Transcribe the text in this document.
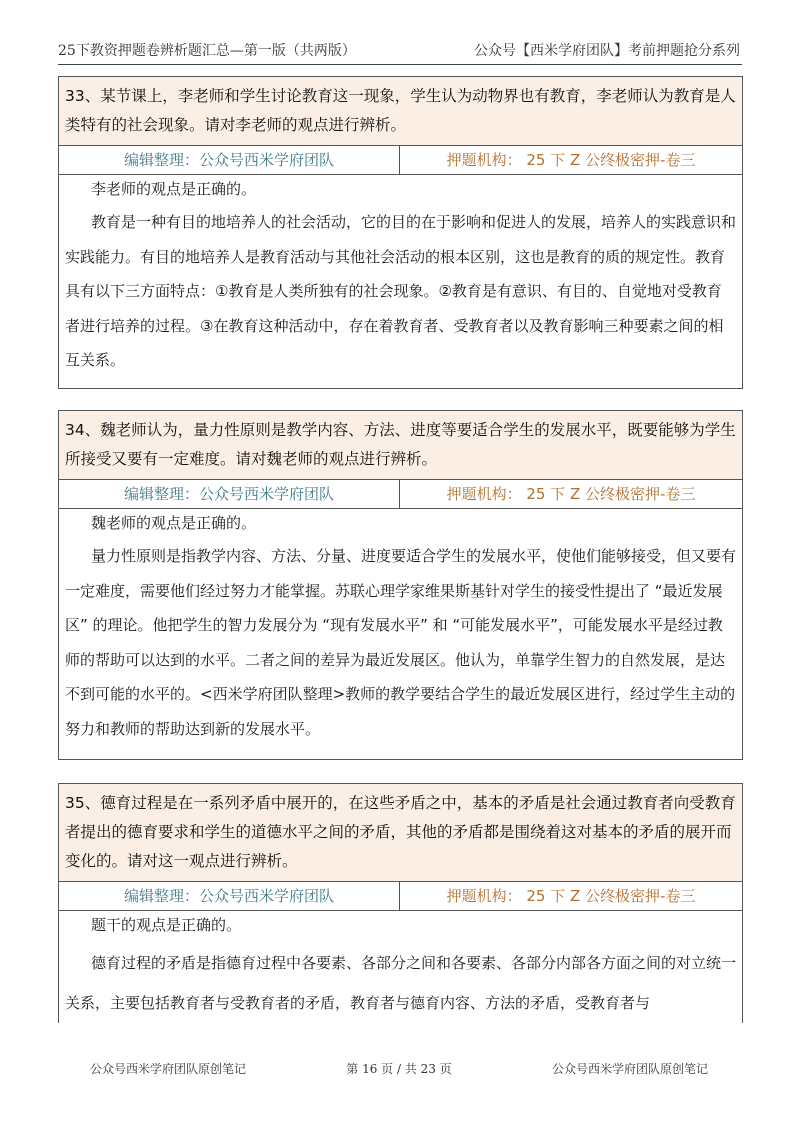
25下教资押题卷辨析题汇总—第一版（共两版）	公众号【西米学府团队】考前押题抢分系列
33、某节课上，李老师和学生讨论教育这一现象，学生认为动物界也有教育，李老师认为教育是人类特有的社会现象。请对李老师的观点进行辨析。
编辑整理：公众号西米学府团队	押题机构： 25 下 Z 公终极密押-卷三

李老师的观点是正确的。

教育是一种有目的地培养人的社会活动，它的目的在于影响和促进人的发展，培养人的实践意识和实践能力。有目的地培养人是教育活动与其他社会活动的根本区别，这也是教育的质的规定性。教育具有以下三方面特点：①教育是人类所独有的社会现象。②教育是有意识、有目的、自觉地对受教育者进行培养的过程。③在教育这种活动中，存在着教育者、受教育者以及教育影响三种要素之间的相互关系。

34、魏老师认为，量力性原则是教学内容、方法、进度等要适合学生的发展水平，既要能够为学生所接受又要有一定难度。请对魏老师的观点进行辨析。
编辑整理：公众号西米学府团队	押题机构： 25 下 Z 公终极密押-卷三

魏老师的观点是正确的。

量力性原则是指教学内容、方法、分量、进度要适合学生的发展水平，使他们能够接受，但又要有一定难度，需要他们经过努力才能掌握。苏联心理学家维果斯基针对学生的接受性提出了 “最近发展区” 的理论。他把学生的智力发展分为 “现有发展水平” 和 “可能发展水平”，可能发展水平是经过教师的帮助可以达到的水平。二者之间的差异为最近发展区。他认为，单靠学生智力的自然发展，是达不到可能的水平的。<西米学府团队整理>教师的教学要结合学生的最近发展区进行，经过学生主动的努力和教师的帮助达到新的发展水平。

35、德育过程是在一系列矛盾中展开的，在这些矛盾之中，基本的矛盾是社会通过教育者向受教育者提出的德育要求和学生的道德水平之间的矛盾，其他的矛盾都是围绕着这对基本的矛盾的展开而变化的。请对这一观点进行辨析。
编辑整理：公众号西米学府团队	押题机构： 25 下 Z 公终极密押-卷三

题干的观点是正确的。

德育过程的矛盾是指德育过程中各要素、各部分之间和各要素、各部分内部各方面之间的对立统一关系，主要包括教育者与受教育者的矛盾，教育者与德育内容、方法的矛盾，受教育者与

公众号西米学府团队原创笔记	第 16 页 / 共 23 页	公众号西米学府团队原创笔记
